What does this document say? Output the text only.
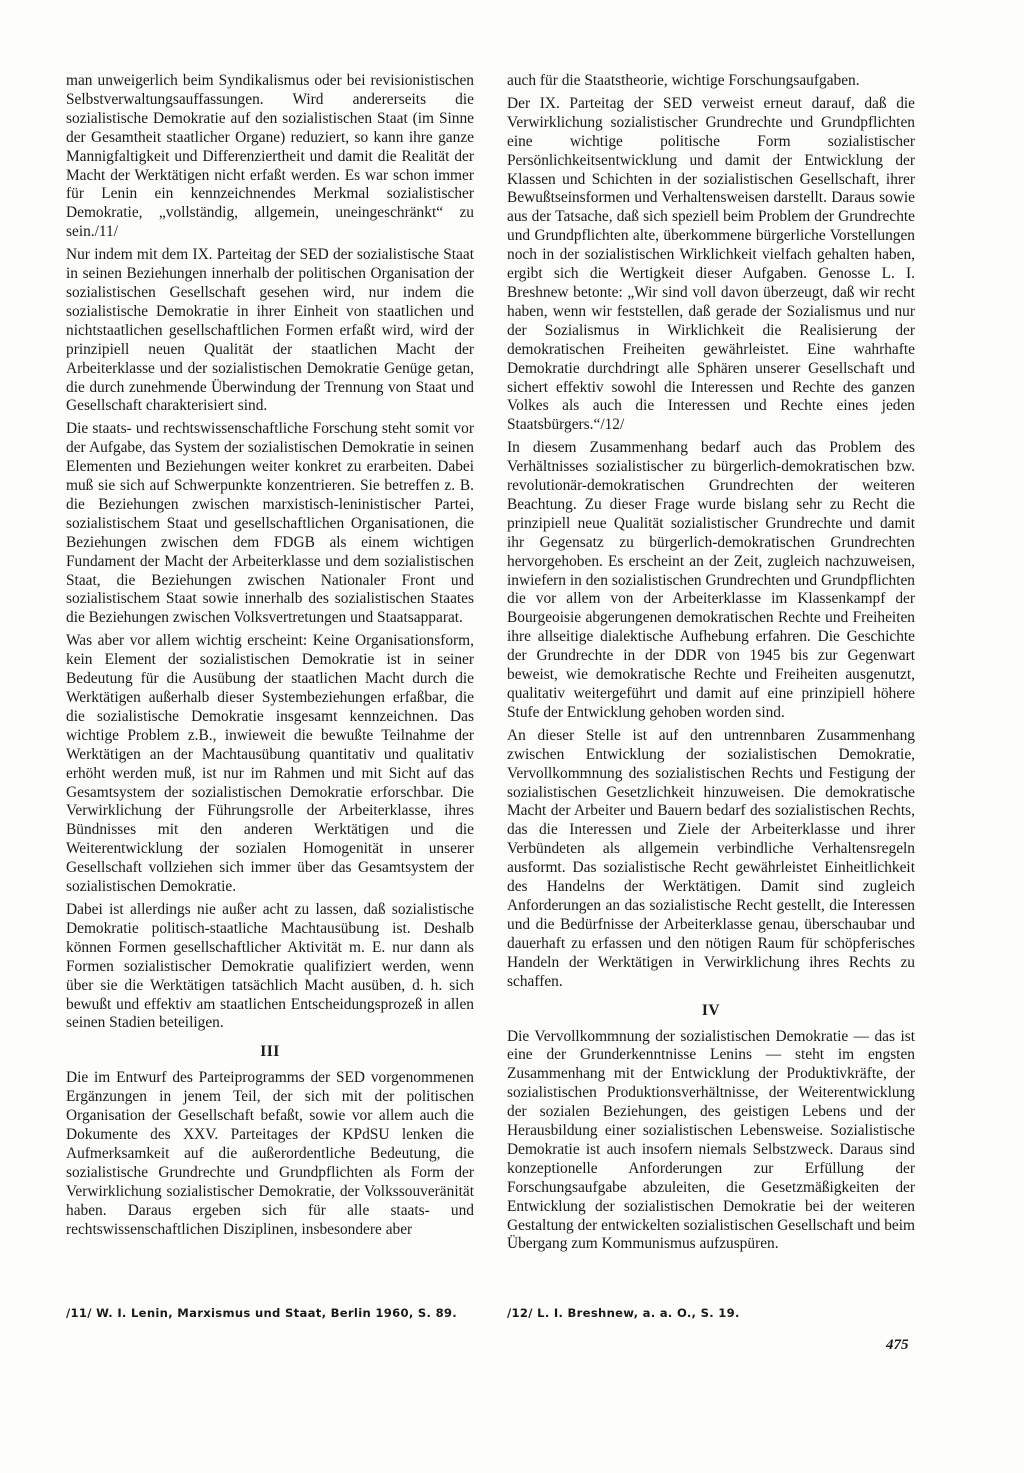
man unweigerlich beim Syndikalismus oder bei revisionistischen Selbstverwaltungsauffassungen. Wird andererseits die sozialistische Demokratie auf den sozialistischen Staat (im Sinne der Gesamtheit staatlicher Organe) reduziert, so kann ihre ganze Mannigfaltigkeit und Differenziertheit und damit die Realität der Macht der Werktätigen nicht erfaßt werden. Es war schon immer für Lenin ein kennzeichnendes Merkmal sozialistischer Demokratie, „vollständig, allgemein, uneingeschränkt“ zu sein./11/

Nur indem mit dem IX. Parteitag der SED der sozialistische Staat in seinen Beziehungen innerhalb der politischen Organisation der sozialistischen Gesellschaft gesehen wird, nur indem die sozialistische Demokratie in ihrer Einheit von staatlichen und nichtstaatlichen gesellschaftlichen Formen erfaßt wird, wird der prinzipiell neuen Qualität der staatlichen Macht der Arbeiterklasse und der sozialistischen Demokratie Genüge getan, die durch zunehmende Überwindung der Trennung von Staat und Gesellschaft charakterisiert sind.

Die staats- und rechtswissenschaftliche Forschung steht somit vor der Aufgabe, das System der sozialistischen Demokratie in seinen Elementen und Beziehungen weiter konkret zu erarbeiten. Dabei muß sie sich auf Schwerpunkte konzentrieren. Sie betreffen z. B. die Beziehungen zwischen marxistisch-leninistischer Partei, sozialistischem Staat und gesellschaftlichen Organisationen, die Beziehungen zwischen dem FDGB als einem wichtigen Fundament der Macht der Arbeiterklasse und dem sozialistischen Staat, die Beziehungen zwischen Nationaler Front und sozialistischem Staat sowie innerhalb des sozialistischen Staates die Beziehungen zwischen Volksvertretungen und Staatsapparat.

Was aber vor allem wichtig erscheint: Keine Organisationsform, kein Element der sozialistischen Demokratie ist in seiner Bedeutung für die Ausübung der staatlichen Macht durch die Werktätigen außerhalb dieser Systembeziehungen erfaßbar, die die sozialistische Demokratie insgesamt kennzeichnen. Das wichtige Problem z.B., inwieweit die bewußte Teilnahme der Werktätigen an der Machtausübung quantitativ und qualitativ erhöht werden muß, ist nur im Rahmen und mit Sicht auf das Gesamtsystem der sozialistischen Demokratie erforschbar. Die Verwirklichung der Führungsrolle der Arbeiterklasse, ihres Bündnisses mit den anderen Werktätigen und die Weiterentwicklung der sozialen Homogenität in unserer Gesellschaft vollziehen sich immer über das Gesamtsystem der sozialistischen Demokratie.

Dabei ist allerdings nie außer acht zu lassen, daß sozialistische Demokratie politisch-staatliche Machtausübung ist. Deshalb können Formen gesellschaftlicher Aktivität m. E. nur dann als Formen sozialistischer Demokratie qualifiziert werden, wenn über sie die Werktätigen tatsächlich Macht ausüben, d. h. sich bewußt und effektiv am staatlichen Entscheidungsprozeß in allen seinen Stadien beteiligen.

III

Die im Entwurf des Parteiprogramms der SED vorgenommenen Ergänzungen in jenem Teil, der sich mit der politischen Organisation der Gesellschaft befaßt, sowie vor allem auch die Dokumente des XXV. Parteitages der KPdSU lenken die Aufmerksamkeit auf die außerordentliche Bedeutung, die sozialistische Grundrechte und Grundpflichten als Form der Verwirklichung sozialistischer Demokratie, der Volkssouveränität haben. Daraus ergeben sich für alle staats- und rechtswissenschaftlichen Disziplinen, insbesondere aber

auch für die Staatstheorie, wichtige Forschungsaufgaben.

Der IX. Parteitag der SED verweist erneut darauf, daß die Verwirklichung sozialistischer Grundrechte und Grundpflichten eine wichtige politische Form sozialistischer Persönlichkeitsentwicklung und damit der Entwicklung der Klassen und Schichten in der sozialistischen Gesellschaft, ihrer Bewußtseinsformen und Verhaltensweisen darstellt. Daraus sowie aus der Tatsache, daß sich speziell beim Problem der Grundrechte und Grundpflichten alte, überkommene bürgerliche Vorstellungen noch in der sozialistischen Wirklichkeit vielfach gehalten haben, ergibt sich die Wertigkeit dieser Aufgaben. Genosse L. I. Breshnew betonte: „Wir sind voll davon überzeugt, daß wir recht haben, wenn wir feststellen, daß gerade der Sozialismus und nur der Sozialismus in Wirklichkeit die Realisierung der demokratischen Freiheiten gewährleistet. Eine wahrhafte Demokratie durchdringt alle Sphären unserer Gesellschaft und sichert effektiv sowohl die Interessen und Rechte des ganzen Volkes als auch die Interessen und Rechte eines jeden Staatsbürgers.“/12/

In diesem Zusammenhang bedarf auch das Problem des Verhältnisses sozialistischer zu bürgerlich-demokratischen bzw. revolutionär-demokratischen Grundrechten der weiteren Beachtung. Zu dieser Frage wurde bislang sehr zu Recht die prinzipiell neue Qualität sozialistischer Grundrechte und damit ihr Gegensatz zu bürgerlich-demokratischen Grundrechten hervorgehoben. Es erscheint an der Zeit, zugleich nachzuweisen, inwiefern in den sozialistischen Grundrechten und Grundpflichten die vor allem von der Arbeiterklasse im Klassenkampf der Bourgeoisie abgerungenen demokratischen Rechte und Freiheiten ihre allseitige dialektische Aufhebung erfahren. Die Geschichte der Grundrechte in der DDR von 1945 bis zur Gegenwart beweist, wie demokratische Rechte und Freiheiten ausgenutzt, qualitativ weitergeführt und damit auf eine prinzipiell höhere Stufe der Entwicklung gehoben worden sind.

An dieser Stelle ist auf den untrennbaren Zusammenhang zwischen Entwicklung der sozialistischen Demokratie, Vervollkommnung des sozialistischen Rechts und Festigung der sozialistischen Gesetzlichkeit hinzuweisen. Die demokratische Macht der Arbeiter und Bauern bedarf des sozialistischen Rechts, das die Interessen und Ziele der Arbeiterklasse und ihrer Verbündeten als allgemein verbindliche Verhaltensregeln ausformt. Das sozialistische Recht gewährleistet Einheitlichkeit des Handelns der Werktätigen. Damit sind zugleich Anforderungen an das sozialistische Recht gestellt, die Interessen und die Bedürfnisse der Arbeiterklasse genau, überschaubar und dauerhaft zu erfassen und den nötigen Raum für schöpferisches Handeln der Werktätigen in Verwirklichung ihres Rechts zu schaffen.

IV

Die Vervollkommnung der sozialistischen Demokratie — das ist eine der Grunderkenntnisse Lenins — steht im engsten Zusammenhang mit der Entwicklung der Produktivkräfte, der sozialistischen Produktionsverhältnisse, der Weiterentwicklung der sozialen Beziehungen, des geistigen Lebens und der Herausbildung einer sozialistischen Lebensweise. Sozialistische Demokratie ist auch insofern niemals Selbstzweck. Daraus sind konzeptionelle Anforderungen zur Erfüllung der Forschungsaufgabe abzuleiten, die Gesetzmäßigkeiten der Entwicklung der sozialistischen Demokratie bei der weiteren Gestaltung der entwickelten sozialistischen Gesellschaft und beim Übergang zum Kommunismus aufzuspüren.

/11/ W. I. Lenin, Marxismus und Staat, Berlin 1960, S. 89.	/12/ L. I. Breshnew, a. a. O., S. 19.
475
